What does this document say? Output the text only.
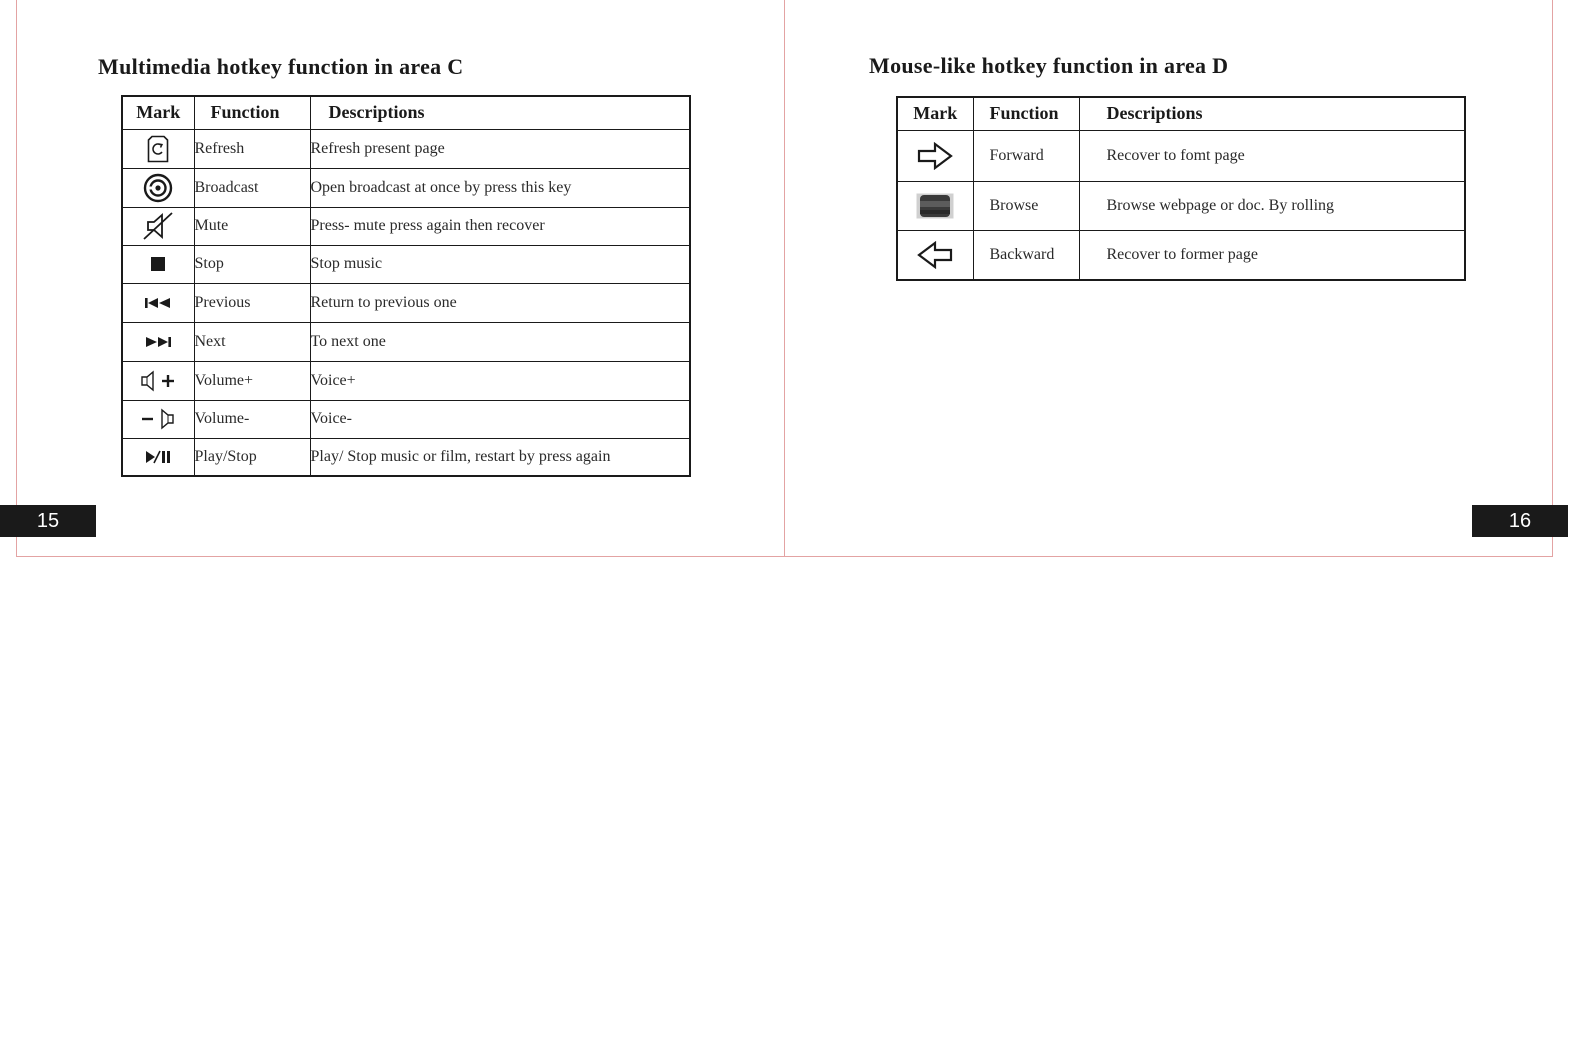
Multimedia hotkey function in area C
Mark	Function	Descriptions
	Refresh	Refresh present page
	Broadcast	Open broadcast at once by press this key
	Mute	Press- mute press again then recover
	Stop	Stop music
	Previous	Return to previous one
	Next	To next one
	Volume+	Voice+
	Volume-	Voice-
	Play/Stop	Play/ Stop music or film, restart by press again
15
Mouse-like hotkey function in area D
Mark	Function	Descriptions
	Forward	Recover to fomt page
	Browse	Browse webpage or doc. By rolling
	Backward	Recover to former page
16
